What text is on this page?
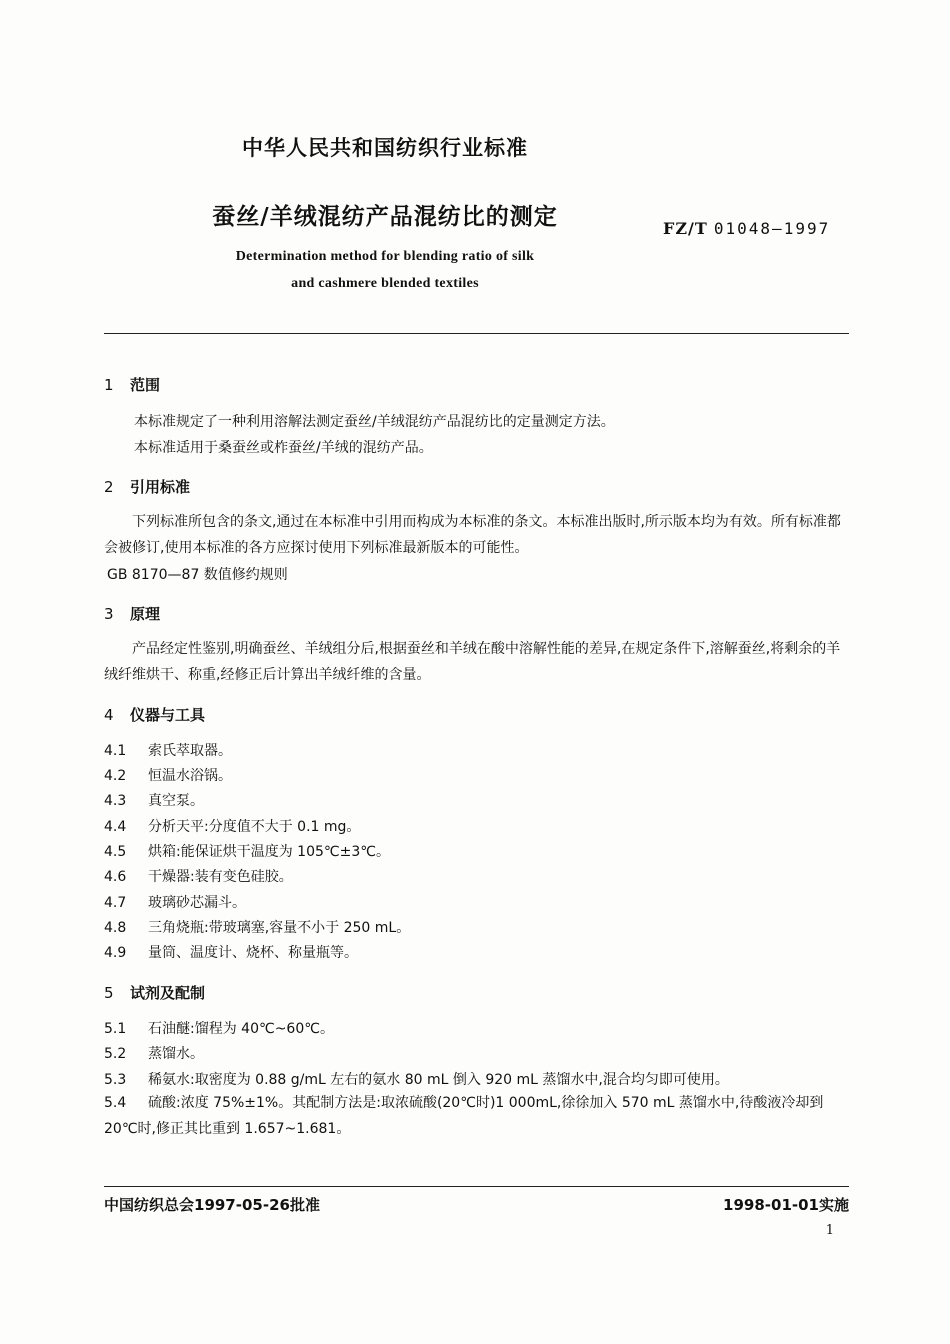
中华人民共和国纺织行业标准
蚕丝/羊绒混纺产品混纺比的测定	FZ/T 01048—1997
Determination method for blending ratio of silk
and cashmere blended textiles
1 范围
本标准规定了一种利用溶解法测定蚕丝/羊绒混纺产品混纺比的定量测定方法。
本标准适用于桑蚕丝或柞蚕丝/羊绒的混纺产品。
2 引用标准
下列标准所包含的条文,通过在本标准中引用而构成为本标准的条文。本标准出版时,所示版本均为有效。所有标准都会被修订,使用本标准的各方应探讨使用下列标准最新版本的可能性。
GB 8170—87 数值修约规则
3 原理
产品经定性鉴别,明确蚕丝、羊绒组分后,根据蚕丝和羊绒在酸中溶解性能的差异,在规定条件下,溶解蚕丝,将剩余的羊绒纤维烘干、称重,经修正后计算出羊绒纤维的含量。
4 仪器与工具
4.1 索氏萃取器。
4.2 恒温水浴锅。
4.3 真空泵。
4.4 分析天平:分度值不大于 0.1 mg。
4.5 烘箱:能保证烘干温度为 105℃±3℃。
4.6 干燥器:装有变色硅胶。
4.7 玻璃砂芯漏斗。
4.8 三角烧瓶:带玻璃塞,容量不小于 250 mL。
4.9 量筒、温度计、烧杯、称量瓶等。
5 试剂及配制
5.1 石油醚:馏程为 40℃~60℃。
5.2 蒸馏水。
5.3 稀氨水:取密度为 0.88 g/mL 左右的氨水 80 mL 倒入 920 mL 蒸馏水中,混合均匀即可使用。
5.4 硫酸:浓度 75%±1%。其配制方法是:取浓硫酸(20℃时)1 000mL,徐徐加入 570 mL 蒸馏水中,待酸液冷却到 20℃时,修正其比重到 1.657~1.681。
中国纺织总会1997-05-26批准	1998-01-01实施
1
